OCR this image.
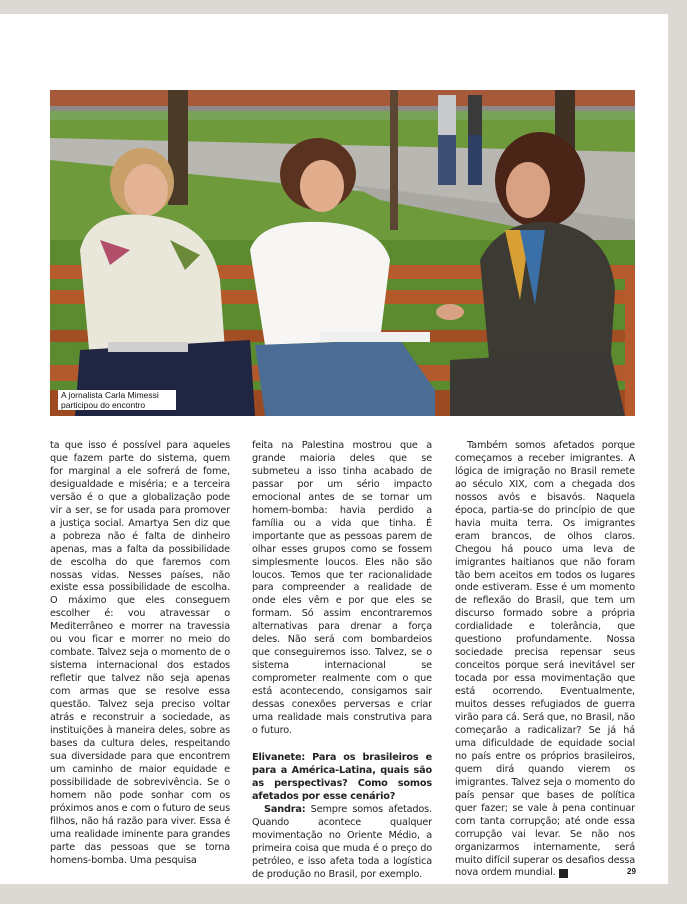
A jornalista Carla Mimessi participou do encontro

ta que isso é possível para aqueles que fazem parte do sistema, quem for marginal a ele sofrerá de fome, desigualdade e miséria; e a terceira versão é o que a globalização pode vir a ser, se for usada para promover a justiça social. Amartya Sen diz que a pobreza não é falta de dinheiro apenas, mas a falta da possibilidade de escolha do que faremos com nossas vidas. Nesses países, não existe essa possibilidade de escolha. O máximo que eles conseguem escolher é: vou atravessar o Mediterrâneo e morrer na travessia ou vou ficar e morrer no meio do combate. Talvez seja o momento de o sistema internacional dos estados refletir que talvez não seja apenas com armas que se resolve essa questão. Talvez seja preciso voltar atrás e reconstruir a sociedade, as instituições à maneira deles, sobre as bases da cultura deles, respeitando sua diversidade para que encontrem um caminho de maior equidade e possibilidade de sobrevivência. Se o homem não pode sonhar com os próximos anos e com o futuro de seus filhos, não há razão para viver. Essa é uma realidade iminente para grandes parte das pessoas que se torna homens-bomba. Uma pesquisa

feita na Palestina mostrou que a grande maioria deles que se submeteu a isso tinha acabado de passar por um sério impacto emocional antes de se tornar um homem-bomba: havia perdido a família ou a vida que tinha. É importante que as pessoas parem de olhar esses grupos como se fossem simplesmente loucos. Eles não são loucos. Temos que ter racionalidade para compreender a realidade de onde eles vêm e por que eles se formam. Só assim encontraremos alternativas para drenar a força deles. Não será com bombardeios que conseguiremos isso. Talvez, se o sistema internacional se comprometer realmente com o que está acontecendo, consigamos sair dessas conexões perversas e criar uma realidade mais construtiva para o futuro.

Elivanete: Para os brasileiros e para a América-Latina, quais são as perspectivas? Como somos afetados por esse cenário?

Sandra: Sempre somos afetados. Quando acontece qualquer movimentação no Oriente Médio, a primeira coisa que muda é o preço do petróleo, e isso afeta toda a logística de produção no Brasil, por exemplo.

Também somos afetados porque começamos a receber imigrantes. A lógica de imigração no Brasil remete ao século XIX, com a chegada dos nossos avós e bisavós. Naquela época, partia-se do princípio de que havia muita terra. Os imigrantes eram brancos, de olhos claros. Chegou há pouco uma leva de imigrantes haitianos que não foram tão bem aceitos em todos os lugares onde estiveram. Esse é um momento de reflexão do Brasil, que tem um discurso formado sobre a própria cordialidade e tolerância, que questiono profundamente. Nossa sociedade precisa repensar seus conceitos porque será inevitável ser tocada por essa movimentação que está ocorrendo. Eventualmente, muitos desses refugiados de guerra virão para cá. Será que, no Brasil, não começarão a radicalizar? Se já há uma dificuldade de equidade social no país entre os próprios brasileiros, quem dirá quando vierem os imigrantes. Talvez seja o momento do país pensar que bases de política quer fazer; se vale à pena continuar com tanta corrupção; até onde essa corrupção vai levar. Se não nos organizarmos internamente, será muito difícil superar os desafios dessa nova ordem mundial. r	29
